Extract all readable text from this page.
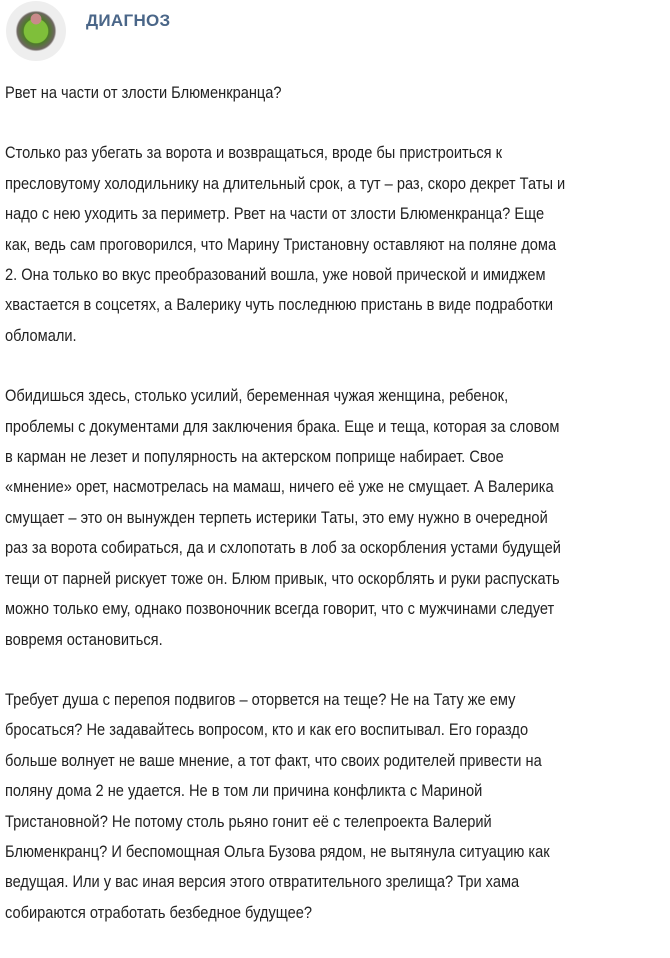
ДИАГНОЗ

Рвет на части от злости Блюменкранца?

Столько раз убегать за ворота и возвращаться, вроде бы пристроиться к
пресловутому холодильнику на длительный срок, а тут – раз, скоро декрет Таты и
надо с нею уходить за периметр. Рвет на части от злости Блюменкранца? Еще
как, ведь сам проговорился, что Марину Тристановну оставляют на поляне дома
2. Она только во вкус преобразований вошла, уже новой прической и имиджем
хвастается в соцсетях, а Валерику чуть последнюю пристань в виде подработки
обломали.

Обидишься здесь, столько усилий, беременная чужая женщина, ребенок,
проблемы с документами для заключения брака. Еще и теща, которая за словом
в карман не лезет и популярность на актерском поприще набирает. Свое
«мнение» орет, насмотрелась на мамаш, ничего её уже не смущает. А Валерика
смущает – это он вынужден терпеть истерики Таты, это ему нужно в очередной
раз за ворота собираться, да и схлопотать в лоб за оскорбления устами будущей
тещи от парней рискует тоже он. Блюм привык, что оскорблять и руки распускать
можно только ему, однако позвоночник всегда говорит, что с мужчинами следует
вовремя остановиться.

Требует душа с перепоя подвигов – оторвется на теще? Не на Тату же ему
бросаться? Не задавайтесь вопросом, кто и как его воспитывал. Его гораздо
больше волнует не ваше мнение, а тот факт, что своих родителей привести на
поляну дома 2 не удается. Не в том ли причина конфликта с Мариной
Тристановной? Не потому столь рьяно гонит её с телепроекта Валерий
Блюменкранц? И беспомощная Ольга Бузова рядом, не вытянула ситуацию как
ведущая. Или у вас иная версия этого отвратительного зрелища? Три хама
собираются отработать безбедное будущее?
